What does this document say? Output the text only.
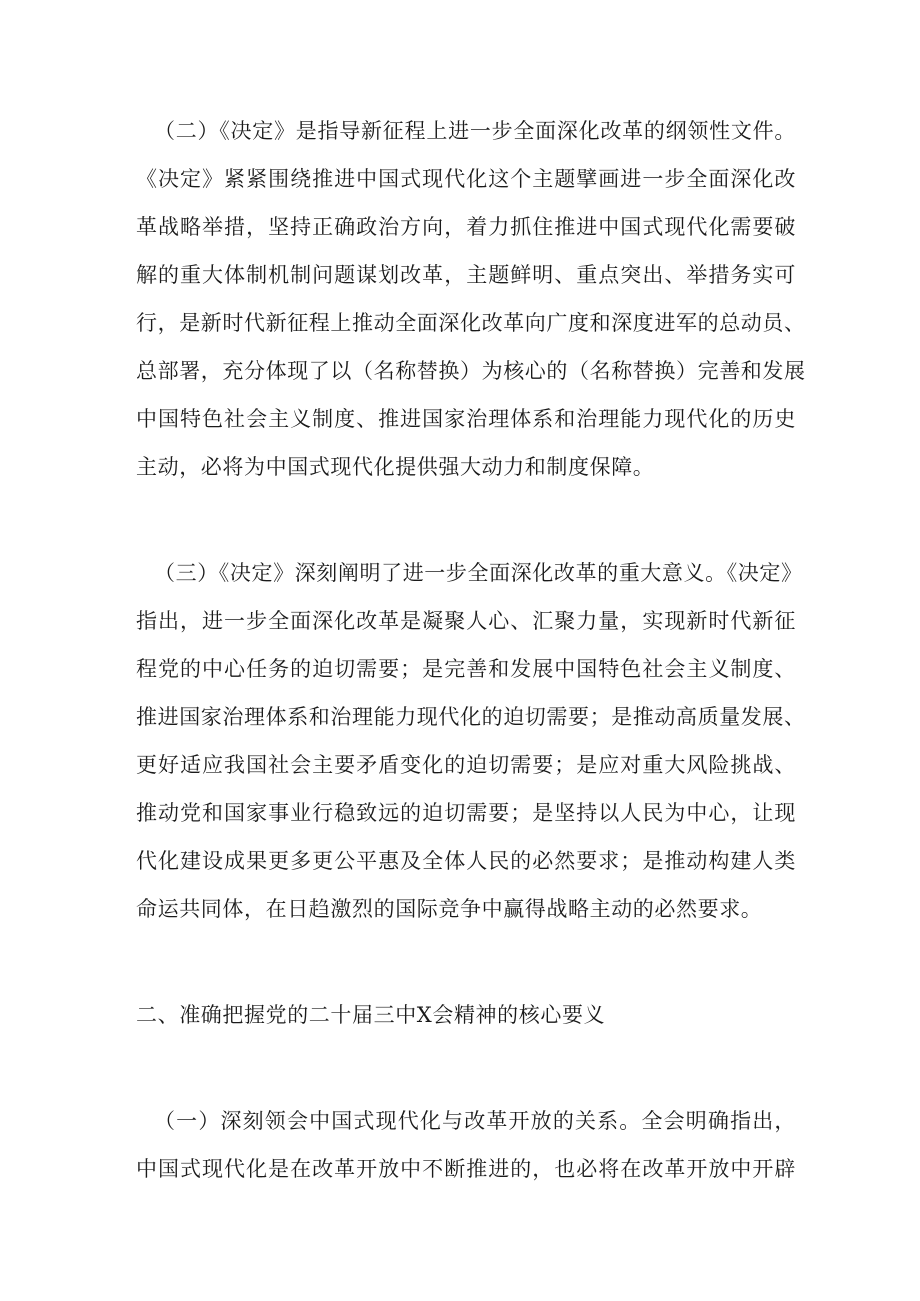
（二）《决定》是指导新征程上进一步全面深化改革的纲领性文件。
《决定》紧紧围绕推进中国式现代化这个主题擘画进一步全面深化改
革战略举措，坚持正确政治方向，着力抓住推进中国式现代化需要破
解的重大体制机制问题谋划改革，主题鲜明、重点突出、举措务实可
行，是新时代新征程上推动全面深化改革向广度和深度进军的总动员、
总部署，充分体现了以（名称替换）为核心的（名称替换）完善和发展
中国特色社会主义制度、推进国家治理体系和治理能力现代化的历史
主动，必将为中国式现代化提供强大动力和制度保障。
（三）《决定》深刻阐明了进一步全面深化改革的重大意义。《决定》
指出，进一步全面深化改革是凝聚人心、汇聚力量，实现新时代新征
程党的中心任务的迫切需要；是完善和发展中国特色社会主义制度、
推进国家治理体系和治理能力现代化的迫切需要；是推动高质量发展、
更好适应我国社会主要矛盾变化的迫切需要；是应对重大风险挑战、
推动党和国家事业行稳致远的迫切需要；是坚持以人民为中心，让现
代化建设成果更多更公平惠及全体人民的必然要求；是推动构建人类
命运共同体，在日趋激烈的国际竞争中赢得战略主动的必然要求。
二、准确把握党的二十届三中X会精神的核心要义
（一）深刻领会中国式现代化与改革开放的关系。全会明确指出，
中国式现代化是在改革开放中不断推进的，也必将在改革开放中开辟
